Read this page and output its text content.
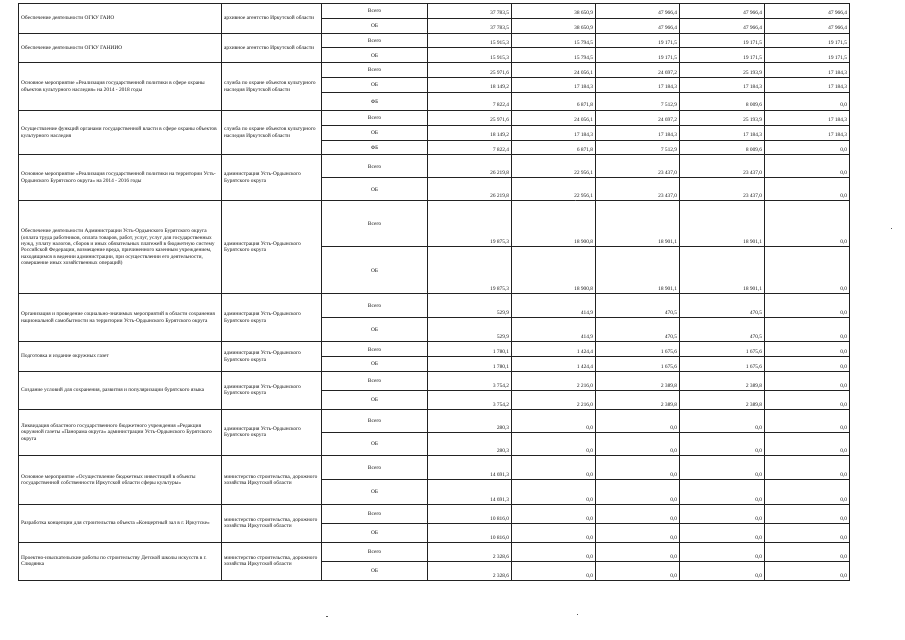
Обеспечение деятельности ОГКУ ГАИО	архивное агентство Иркутской области	Всего	37 783,5	38 650,9	47 966,4	47 966,4	47 966,4	
		ОБ	37 783,5	38 650,9	47 966,4	47 966,4	47 966,4	
Обеспечение деятельности ОГКУ ГАНИИО	архивное агентство Иркутской области	Всего	15 915,3	15 794,5	19 171,5	19 171,5	19 171,5	
		ОБ	15 915,3	15 794,5	19 171,5	19 171,5	19 171,5	
Основное мероприятие «Реализация государственной политики в сфере охраны объектов культурного наследия» на 2014 - 2018 годы	служба по охране объектов культурного наследия Иркутской области	Всего	25 971,6	24 056,1	24 697,2	25 193,9	17 184,3	
		ОБ	18 149,2	17 184,3	17 184,3	17 184,3	17 184,3	
		ФБ	7 822,4	6 871,8	7 512,9	8 009,6	0,0	
Осуществление функций органами государственной власти в сфере охраны объектов культурного наследия	служба по охране объектов культурного наследия Иркутской области	Всего	25 971,6	24 056,1	24 697,2	25 193,9	17 184,3	
		ОБ	18 149,2	17 184,3	17 184,3	17 184,3	17 184,3	
		ФБ	7 822,4	6 871,8	7 512,9	8 009,6	0,0	
Основное мероприятие «Реализация государственной политики на территории Усть-Ордынского Бурятского округа» на 2014 - 2016 годы	администрация Усть-Ордынского Бурятского округа	Всего	26 219,8	22 956,1	23 437,0	23 437,0	0,0	
		ОБ	26 219,8	22 956,1	23 437,0	23 437,0	0,0	
Обеспечение деятельности Администрации Усть-Ордынского Бурятского округа (оплата труда работников, оплата товаров, работ, услуг, услуг для государственных нужд, уплату налогов, сборов и иных обязательных платежей в бюджетную систему Российской Федерации, возмещение вреда, причиненного казенным учреждением, находящимся в ведении администрации, при осуществлении его деятельности, совершение иных хозяйственных операций)	администрация Усть-Ордынского Бурятского округа	Всего	19 875,3	18 900,8	18 901,1	18 901,1	0,0	
		ОБ	19 875,3	18 900,8	18 901,1	18 901,1	0,0	
Организация и проведение социально-значимых мероприятий в области сохранения национальной самобытности на территории Усть-Ордынского Бурятского округа	администрация Усть-Ордынского Бурятского округа	Всего	529,9	414,9	470,5	470,5	0,0	
		ОБ	529,9	414,9	470,5	470,5	0,0	
Подготовка и издание окружных газет	администрация Усть-Ордынского Бурятского округа	Всего	1 780,1	1 424,4	1 675,6	1 675,6	0,0	
		ОБ	1 780,1	1 424,4	1 675,6	1 675,6	0,0	
Создание условий для сохранения, развития и популяризации бурятского языка	администрация Усть-Ордынского Бурятского округа	Всего	3 754,2	2 216,0	2 389,8	2 389,8	0,0	
		ОБ	3 754,2	2 216,0	2 389,8	2 389,8	0,0	
Ликвидация областного государственного бюджетного учреждения «Редакция окружной газеты «Панорама округа» администрации Усть-Ордынского Бурятского округа	администрация Усть-Ордынского Бурятского округа	Всего	280,3	0,0	0,0	0,0	0,0	
		ОБ	280,3	0,0	0,0	0,0	0,0	
Основное мероприятие «Осуществление бюджетных инвестиций в объекты государственной собственности Иркутской области сферы культуры»	министерство строительства, дорожного хозяйства Иркутской области	Всего	14 691,3	0,0	0,0	0,0	0,0	
		ОБ	14 691,3	0,0	0,0	0,0	0,0	
Разработка концепции для строительства объекта «Концертный зал в г. Иркутске»	министерство строительства, дорожного хозяйства Иркутской области	Всего	10 816,0	0,0	0,0	0,0	0,0	
		ОБ	10 816,0	0,0	0,0	0,0	0,0	
Проектно-изыскательские работы по строительству Детской школы искусств в г. Слюдянка	министерство строительства, дорожного хозяйства Иркутской области	Всего	2 328,6	0,0	0,0	0,0	0,0	
		ОБ	2 328,6	0,0	0,0	0,0	0,0	
